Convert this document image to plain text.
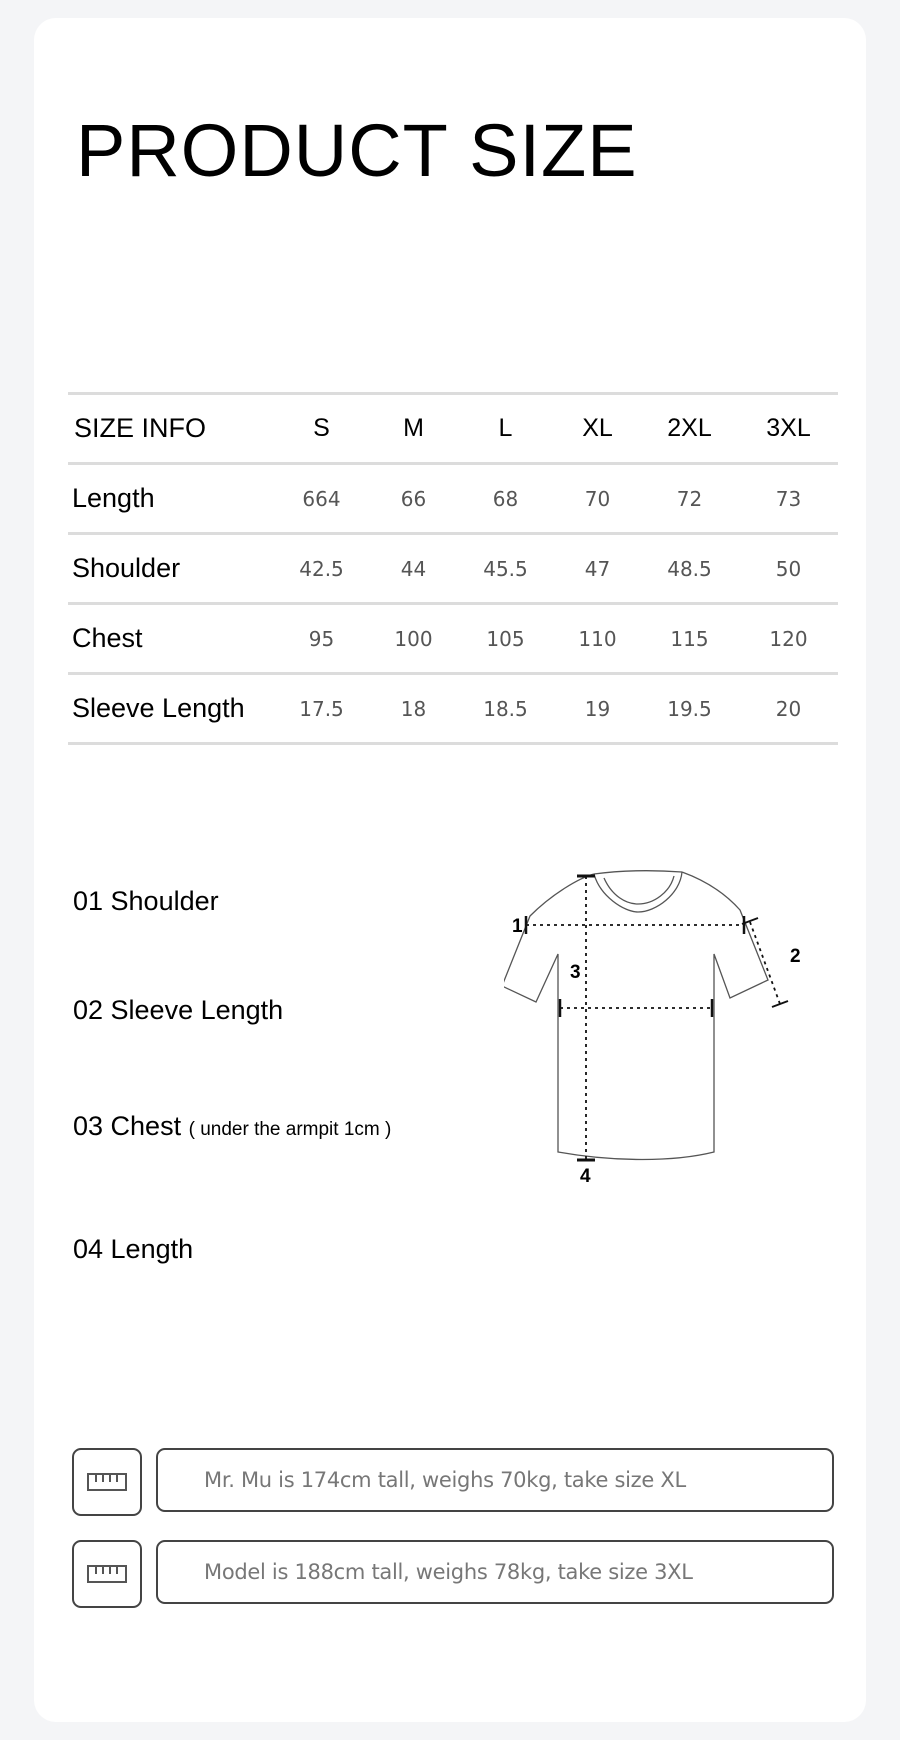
PRODUCT SIZE
SIZE INFO	S	M	L	XL	2XL	3XL
Length	664	66	68	70	72	73
Shoulder	42.5	44	45.5	47	48.5	50
Chest	95	100	105	110	115	120
Sleeve Length	17.5	18	18.5	19	19.5	20
01 Shoulder
02 Sleeve Length
03 Chest ( under the armpit 1cm )
04 Length
1
2
3
4
Mr. Mu is 174cm tall, weighs 70kg, take size XL
Model is 188cm tall, weighs 78kg, take size 3XL
